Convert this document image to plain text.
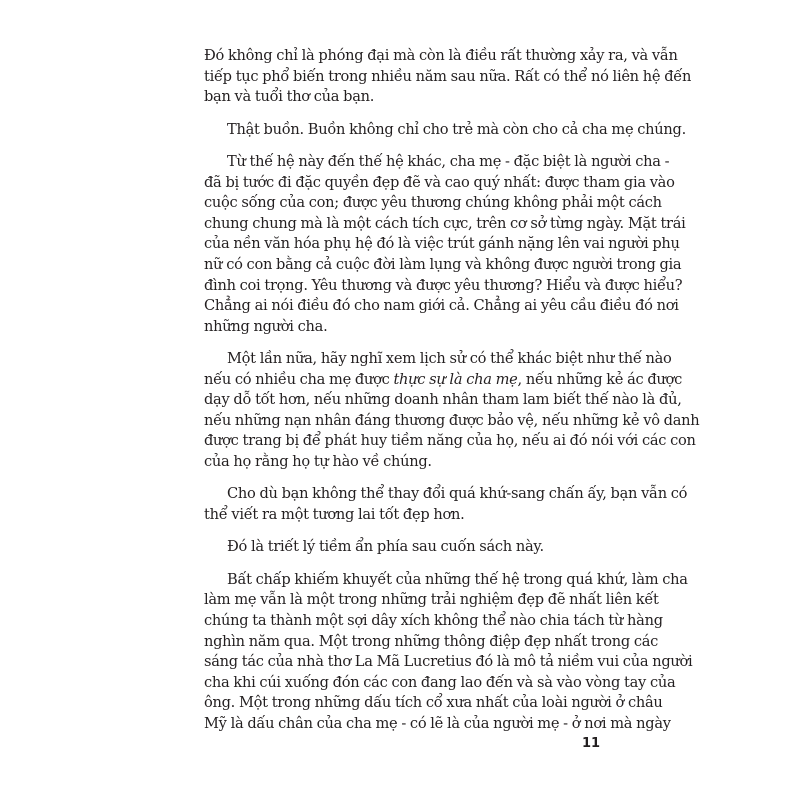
Đó không chỉ là phóng đại mà còn là điều rất thường xảy ra, và vẫn
tiếp tục phổ biến trong nhiều năm sau nữa. Rất có thể nó liên hệ đến
bạn và tuổi thơ của bạn.

Thật buồn. Buồn không chỉ cho trẻ mà còn cho cả cha mẹ chúng.

Từ thế hệ này đến thế hệ khác, cha mẹ - đặc biệt là người cha -
đã bị tước đi đặc quyền đẹp đẽ và cao quý nhất: được tham gia vào
cuộc sống của con; được yêu thương chúng không phải một cách
chung chung mà là một cách tích cực, trên cơ sở từng ngày. Mặt trái
của nền văn hóa phụ hệ đó là việc trút gánh nặng lên vai người phụ
nữ có con bằng cả cuộc đời làm lụng và không được người trong gia
đình coi trọng. Yêu thương và được yêu thương? Hiểu và được hiểu?
Chẳng ai nói điều đó cho nam giới cả. Chẳng ai yêu cầu điều đó nơi
những người cha.

Một lần nữa, hãy nghĩ xem lịch sử có thể khác biệt như thế nào
nếu có nhiều cha mẹ được thực sự là cha mẹ, nếu những kẻ ác được
dạy dỗ tốt hơn, nếu những doanh nhân tham lam biết thế nào là đủ,
nếu những nạn nhân đáng thương được bảo vệ, nếu những kẻ vô danh
được trang bị để phát huy tiềm năng của họ, nếu ai đó nói với các con
của họ rằng họ tự hào về chúng.

Cho dù bạn không thể thay đổi quá khứ-sang chấn ấy, bạn vẫn có
thể viết ra một tương lai tốt đẹp hơn.

Đó là triết lý tiềm ẩn phía sau cuốn sách này.

Bất chấp khiếm khuyết của những thế hệ trong quá khứ, làm cha
làm mẹ vẫn là một trong những trải nghiệm đẹp đẽ nhất liên kết
chúng ta thành một sợi dây xích không thể nào chia tách từ hàng
nghìn năm qua. Một trong những thông điệp đẹp nhất trong các
sáng tác của nhà thơ La Mã Lucretius đó là mô tả niềm vui của người
cha khi cúi xuống đón các con đang lao đến và sà vào vòng tay của
ông. Một trong những dấu tích cổ xưa nhất của loài người ở châu
Mỹ là dấu chân của cha mẹ - có lẽ là của người mẹ - ở nơi mà ngày

11
